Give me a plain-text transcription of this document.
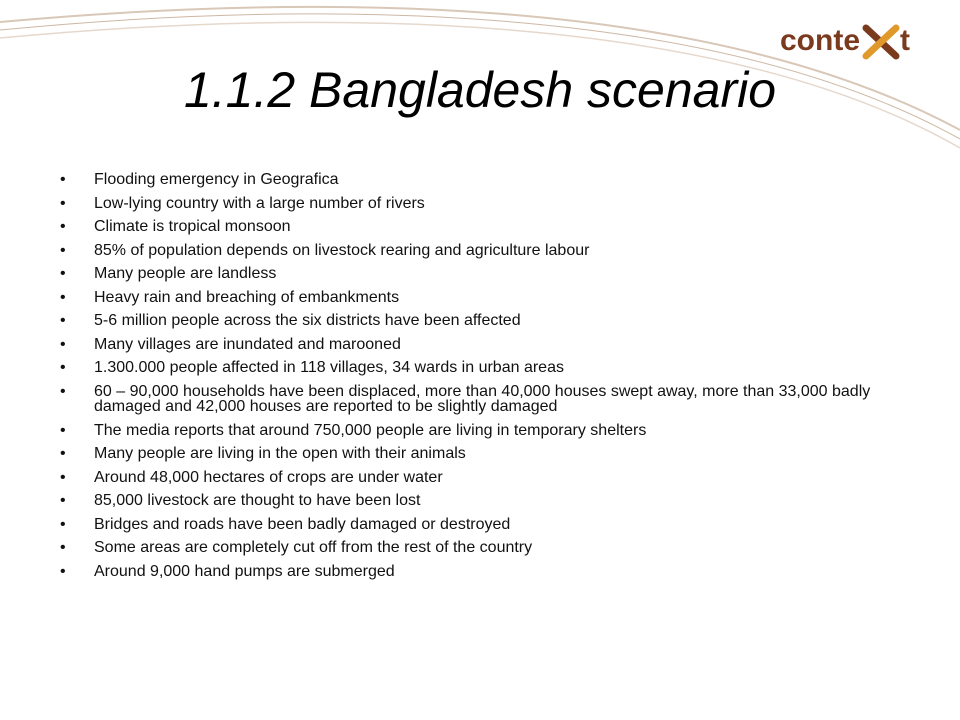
conte t
1.1.2 Bangladesh scenario
• Flooding emergency in Geografica
• Low-lying country with a large number of rivers
• Climate is tropical monsoon
• 85% of population depends on livestock rearing and agriculture labour
• Many people are landless
• Heavy rain and breaching of embankments
• 5-6 million people across the six districts have been affected
• Many villages are inundated and marooned
• 1.300.000 people affected in 118 villages, 34 wards in urban areas
• 60 – 90,000 households have been displaced, more than 40,000 houses swept away, more than 33,000 badly damaged and 42,000 houses are reported to be slightly damaged
• The media reports that around 750,000 people are living in temporary shelters
• Many people are living in the open with their animals
• Around 48,000 hectares of crops are under water
• 85,000 livestock are thought to have been lost
• Bridges and roads have been badly damaged or destroyed
• Some areas are completely cut off from the rest of the country
• Around 9,000 hand pumps are submerged
